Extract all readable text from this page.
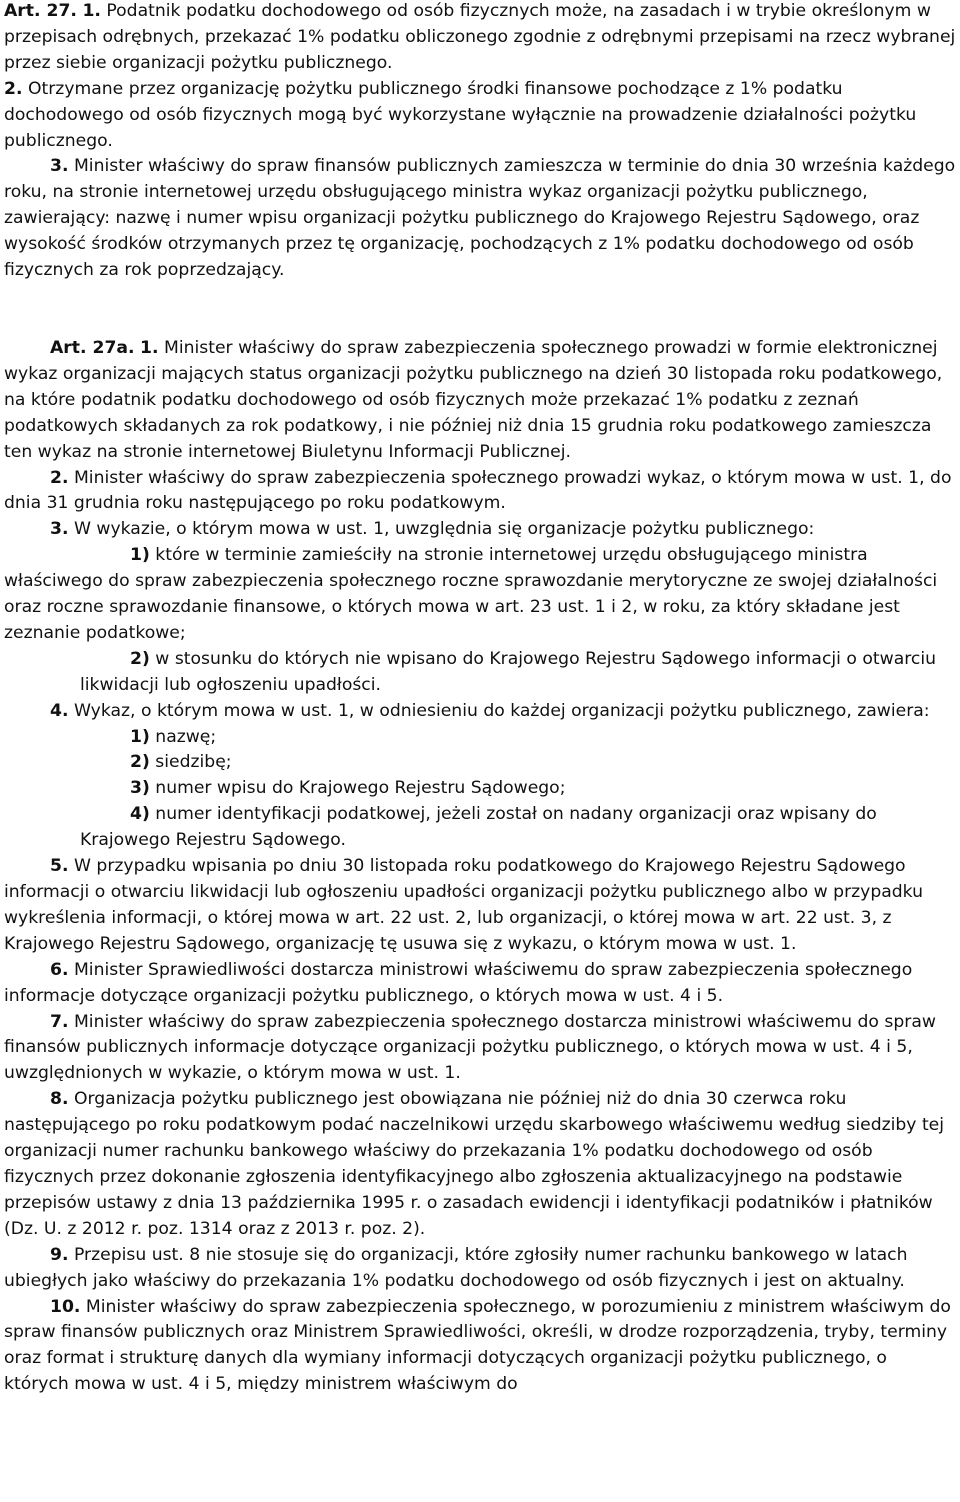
Art. 27. 1. Podatnik podatku dochodowego od osób fizycznych może, na zasadach i w trybie określonym w przepisach odrębnych, przekazać 1% podatku obliczonego zgodnie z odrębnymi przepisami na rzecz wybranej przez siebie organizacji pożytku publicznego.

2. Otrzymane przez organizację pożytku publicznego środki finansowe pochodzące z 1% podatku dochodowego od osób fizycznych mogą być wykorzystane wyłącznie na prowadzenie działalności pożytku publicznego.

3. Minister właściwy do spraw finansów publicznych zamieszcza w terminie do dnia 30 września każdego roku, na stronie internetowej urzędu obsługującego ministra wykaz organizacji pożytku publicznego, zawierający: nazwę i numer wpisu organizacji pożytku publicznego do Krajowego Rejestru Sądowego, oraz wysokość środków otrzymanych przez tę organizację, pochodzących z 1% podatku dochodowego od osób fizycznych za rok poprzedzający.

Art. 27a. 1. Minister właściwy do spraw zabezpieczenia społecznego prowadzi w formie elektronicznej wykaz organizacji mających status organizacji pożytku publicznego na dzień 30 listopada roku podatkowego, na które podatnik podatku dochodowego od osób fizycznych może przekazać 1% podatku z zeznań podatkowych składanych za rok podatkowy, i nie później niż dnia 15 grudnia roku podatkowego zamieszcza ten wykaz na stronie internetowej Biuletynu Informacji Publicznej.

2. Minister właściwy do spraw zabezpieczenia społecznego prowadzi wykaz, o którym mowa w ust. 1, do dnia 31 grudnia roku następującego po roku podatkowym.

3. W wykazie, o którym mowa w ust. 1, uwzględnia się organizacje pożytku publicznego:

1) które w terminie zamieściły na stronie internetowej urzędu obsługującego ministra właściwego do spraw zabezpieczenia społecznego roczne sprawozdanie merytoryczne ze swojej działalności oraz roczne sprawozdanie finansowe, o których mowa w art. 23 ust. 1 i 2, w roku, za który składane jest zeznanie podatkowe;

2) w stosunku do których nie wpisano do Krajowego Rejestru Sądowego informacji o otwarciu likwidacji lub ogłoszeniu upadłości.

4. Wykaz, o którym mowa w ust. 1, w odniesieniu do każdej organizacji pożytku publicznego, zawiera:

1) nazwę;

2) siedzibę;

3) numer wpisu do Krajowego Rejestru Sądowego;

4) numer identyfikacji podatkowej, jeżeli został on nadany organizacji oraz wpisany do Krajowego Rejestru Sądowego.

5. W przypadku wpisania po dniu 30 listopada roku podatkowego do Krajowego Rejestru Sądowego informacji o otwarciu likwidacji lub ogłoszeniu upadłości organizacji pożytku publicznego albo w przypadku wykreślenia informacji, o której mowa w art. 22 ust. 2, lub organizacji, o której mowa w art. 22 ust. 3, z Krajowego Rejestru Sądowego, organizację tę usuwa się z wykazu, o którym mowa w ust. 1.

6. Minister Sprawiedliwości dostarcza ministrowi właściwemu do spraw zabezpieczenia społecznego informacje dotyczące organizacji pożytku publicznego, o których mowa w ust. 4 i 5.

7. Minister właściwy do spraw zabezpieczenia społecznego dostarcza ministrowi właściwemu do spraw finansów publicznych informacje dotyczące organizacji pożytku publicznego, o których mowa w ust. 4 i 5, uwzględnionych w wykazie, o którym mowa w ust. 1.

8. Organizacja pożytku publicznego jest obowiązana nie później niż do dnia 30 czerwca roku następującego po roku podatkowym podać naczelnikowi urzędu skarbowego właściwemu według siedziby tej organizacji numer rachunku bankowego właściwy do przekazania 1% podatku dochodowego od osób fizycznych przez dokonanie zgłoszenia identyfikacyjnego albo zgłoszenia aktualizacyjnego na podstawie przepisów ustawy z dnia 13 października 1995 r. o zasadach ewidencji i identyfikacji podatników i płatników (Dz. U. z 2012 r. poz. 1314 oraz z 2013 r. poz. 2).

9. Przepisu ust. 8 nie stosuje się do organizacji, które zgłosiły numer rachunku bankowego w latach ubiegłych jako właściwy do przekazania 1% podatku dochodowego od osób fizycznych i jest on aktualny.

10. Minister właściwy do spraw zabezpieczenia społecznego, w porozumieniu z ministrem właściwym do spraw finansów publicznych oraz Ministrem Sprawiedliwości, określi, w drodze rozporządzenia, tryby, terminy oraz format i strukturę danych dla wymiany informacji dotyczących organizacji pożytku publicznego, o których mowa w ust. 4 i 5, między ministrem właściwym do
